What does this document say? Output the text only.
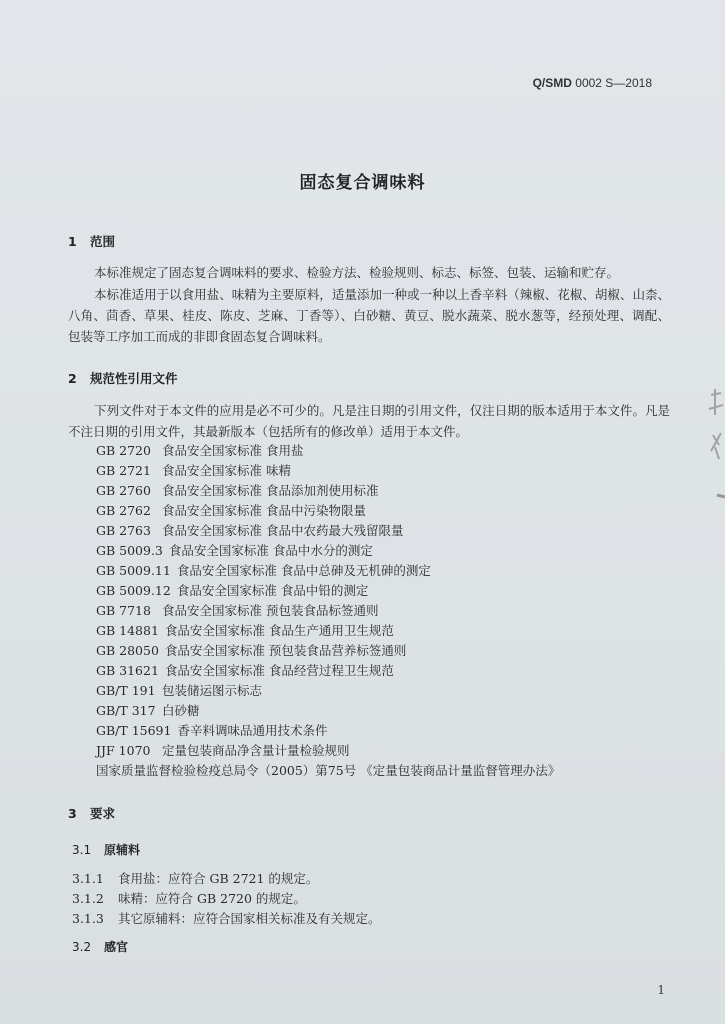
Q/SMD 0002 S—2018
固态复合调味料
1 范围
本标准规定了固态复合调味料的要求、检验方法、检验规则、标志、标签、包装、运输和贮存。
本标准适用于以食用盐、味精为主要原料，适量添加一种或一种以上香辛料（辣椒、花椒、胡椒、山柰、八角、茴香、草果、桂皮、陈皮、芝麻、丁香等）、白砂糖、黄豆、脱水蔬菜、脱水葱等，经预处理、调配、包装等工序加工而成的非即食固态复合调味料。
2 规范性引用文件
下列文件对于本文件的应用是必不可少的。凡是注日期的引用文件，仅注日期的版本适用于本文件。凡是不注日期的引用文件，其最新版本（包括所有的修改单）适用于本文件。
GB 2720 食品安全国家标准 食用盐
GB 2721 食品安全国家标准 味精
GB 2760 食品安全国家标准 食品添加剂使用标准
GB 2762 食品安全国家标准 食品中污染物限量
GB 2763 食品安全国家标准 食品中农药最大残留限量
GB 5009.3 食品安全国家标准 食品中水分的测定
GB 5009.11 食品安全国家标准 食品中总砷及无机砷的测定
GB 5009.12 食品安全国家标准 食品中铅的测定
GB 7718 食品安全国家标准 预包装食品标签通则
GB 14881 食品安全国家标准 食品生产通用卫生规范
GB 28050 食品安全国家标准 预包装食品营养标签通则
GB 31621 食品安全国家标准 食品经营过程卫生规范
GB/T 191 包装储运图示标志
GB/T 317 白砂糖
GB/T 15691 香辛料调味品通用技术条件
JJF 1070 定量包装商品净含量计量检验规则
国家质量监督检验检疫总局令（2005）第75号 《定量包装商品计量监督管理办法》
3 要求
3.1 原辅料
3.1.1 食用盐：应符合 GB 2721 的规定。
3.1.2 味精：应符合 GB 2720 的规定。
3.1.3 其它原辅料：应符合国家相关标准及有关规定。
3.2 感官
1
